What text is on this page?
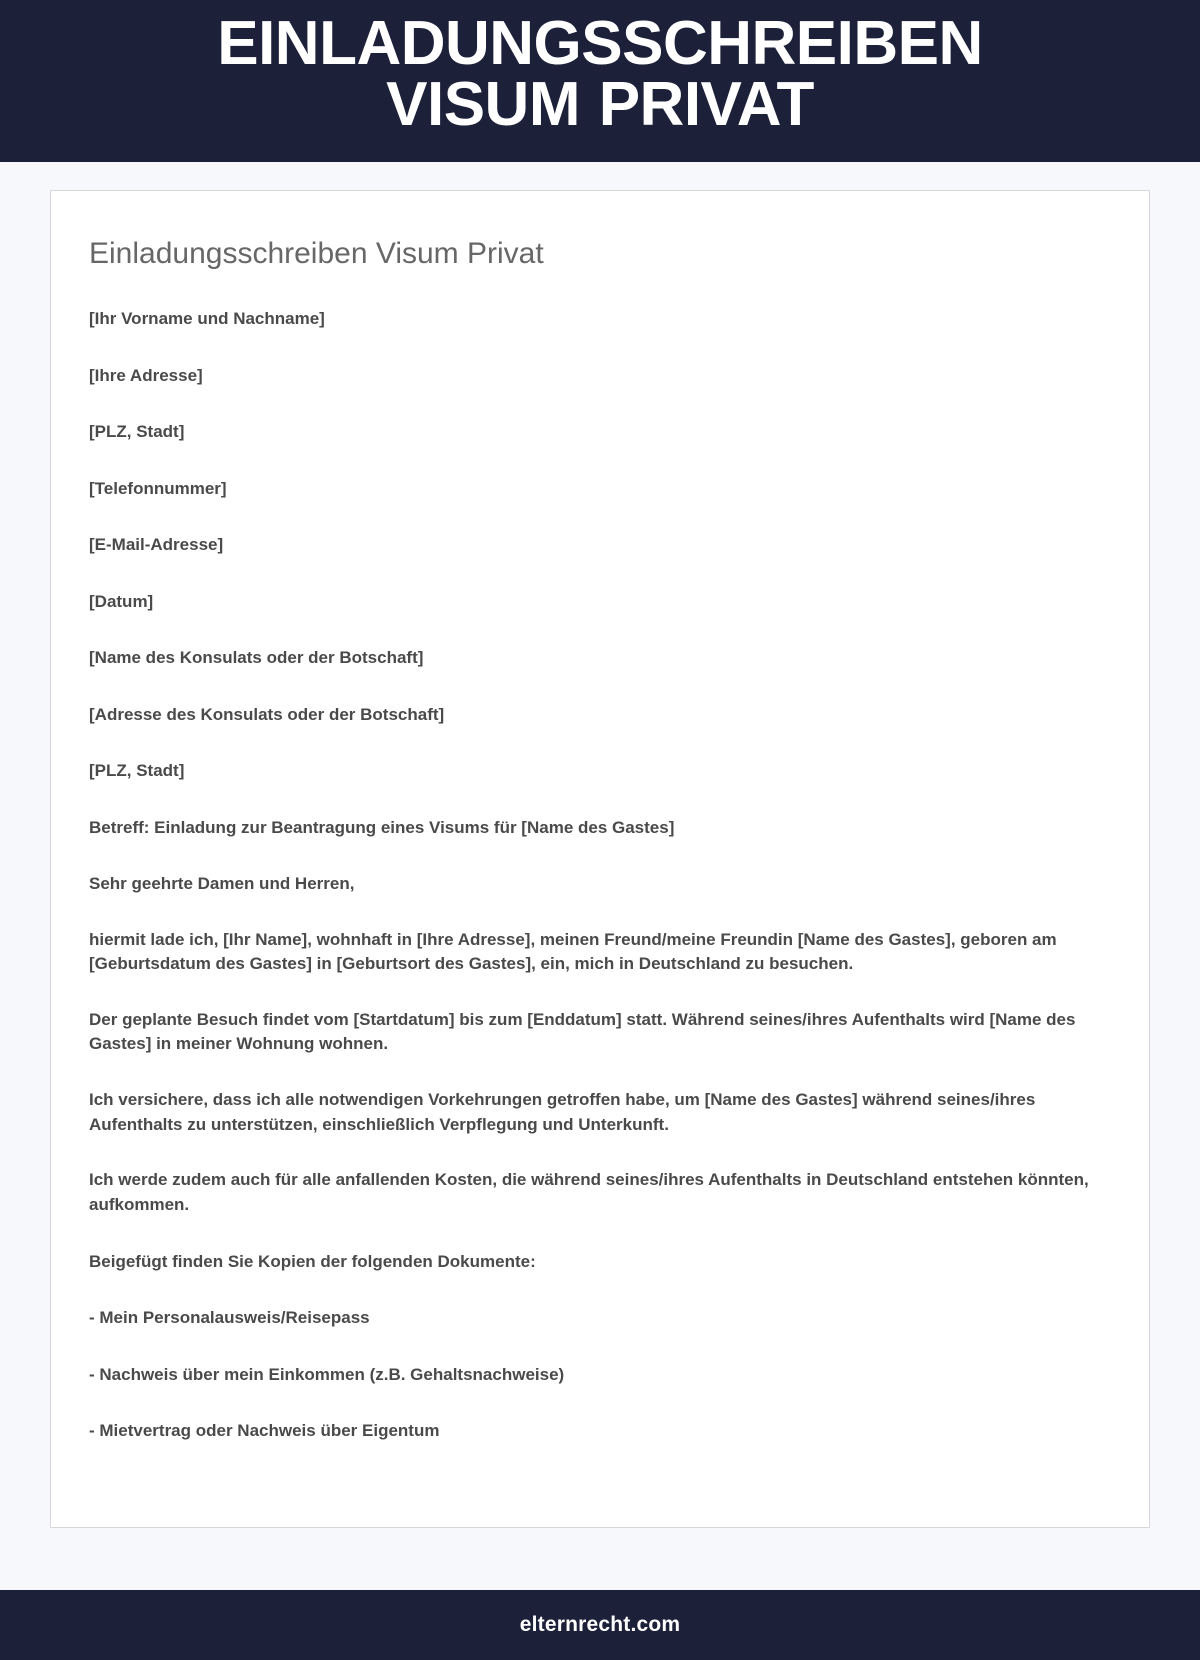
EINLADUNGSSCHREIBEN
VISUM PRIVAT
Einladungsschreiben Visum Privat

[Ihr Vorname und Nachname]

[Ihre Adresse]

[PLZ, Stadt]

[Telefonnummer]

[E-Mail-Adresse]

[Datum]

[Name des Konsulats oder der Botschaft]

[Adresse des Konsulats oder der Botschaft]

[PLZ, Stadt]

Betreff: Einladung zur Beantragung eines Visums für [Name des Gastes]

Sehr geehrte Damen und Herren,

hiermit lade ich, [Ihr Name], wohnhaft in [Ihre Adresse], meinen Freund/meine Freundin [Name des Gastes], geboren am [Geburtsdatum des Gastes] in [Geburtsort des Gastes], ein, mich in Deutschland zu besuchen.

Der geplante Besuch findet vom [Startdatum] bis zum [Enddatum] statt. Während seines/ihres Aufenthalts wird [Name des Gastes] in meiner Wohnung wohnen.

Ich versichere, dass ich alle notwendigen Vorkehrungen getroffen habe, um [Name des Gastes] während seines/ihres Aufenthalts zu unterstützen, einschließlich Verpflegung und Unterkunft.

Ich werde zudem auch für alle anfallenden Kosten, die während seines/ihres Aufenthalts in Deutschland entstehen könnten, aufkommen.

Beigefügt finden Sie Kopien der folgenden Dokumente:

- Mein Personalausweis/Reisepass

- Nachweis über mein Einkommen (z.B. Gehaltsnachweise)

- Mietvertrag oder Nachweis über Eigentum

elternrecht.com
